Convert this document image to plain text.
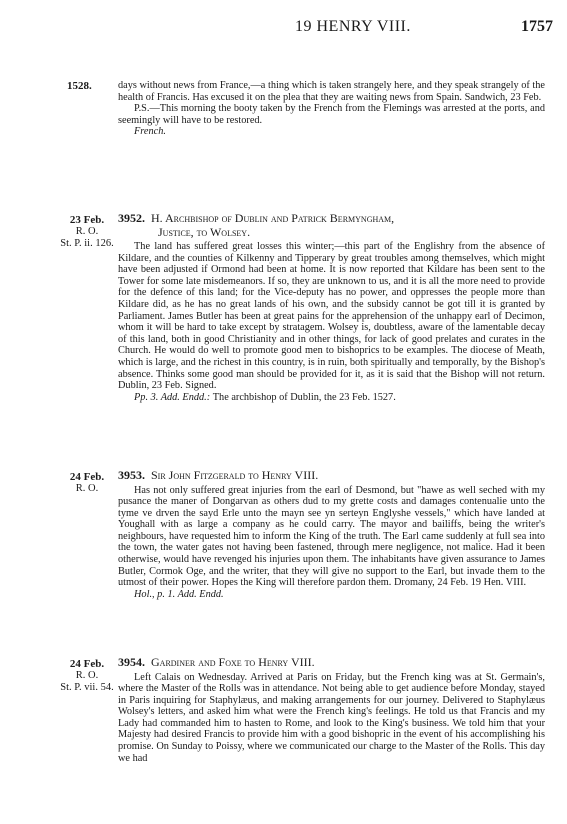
19 HENRY VIII.	1757
1528.	days without news from France,—a thing which is taken strangely here, and they speak strangely of the health of Francis. Has excused it on the plea that they are waiting news from Spain. Sandwich, 23 Feb.

P.S.—This morning the booty taken by the French from the Flemings was arrested at the ports, and seemingly will have to be restored.

French.
23 Feb.
R. O.
St. P. ii. 126.
3952. H. Archbishop of Dublin and Patrick Bermyngham,
Justice, to Wolsey.

The land has suffered great losses this winter;—this part of the Englishry from the absence of Kildare, and the counties of Kilkenny and Tipperary by great troubles among themselves, which might have been adjusted if Ormond had been at home. It is now reported that Kildare has been sent to the Tower for some late misdemeanors. If so, they are unknown to us, and it is all the more need to provide for the defence of this land; for the Vice-deputy has no power, and oppresses the people more than Kildare did, as he has no great lands of his own, and the subsidy cannot be got till it is granted by Parliament. James Butler has been at great pains for the apprehension of the unhappy earl of Decimon, whom it will be hard to take except by stratagem. Wolsey is, doubtless, aware of the lamentable decay of this land, both in good Christianity and in other things, for lack of good prelates and curates in the Church. He would do well to promote good men to bishoprics to be examples. The diocese of Meath, which is large, and the richest in this country, is in ruin, both spiritually and temporally, by the Bishop's absence. Thinks some good man should be provided for it, as it is said that the Bishop will not return. Dublin, 23 Feb. Signed.

Pp. 3. Add. Endd.: The archbishop of Dublin, the 23 Feb. 1527.
24 Feb.
R. O.
3953. Sir John Fitzgerald to Henry VIII.

Has not only suffered great injuries from the earl of Desmond, but "hawe as well seched with my pusance the maner of Dongarvan as others dud to my grette costs and damages contenualie unto the tyme ve drven the sayd Erle unto the mayn see yn serteyn Englyshe vessels," which have landed at Youghall with as large a company as he could carry. The mayor and bailiffs, being the writer's neighbours, have requested him to inform the King of the truth. The Earl came suddenly at full sea into the town, the water gates not having been fastened, through mere negligence, not malice. Had it been otherwise, would have revenged his injuries upon them. The inhabitants have given assurance to James Butler, Cormok Oge, and the writer, that they will give no support to the Earl, but invade them to the utmost of their power. Hopes the King will therefore pardon them. Dromany, 24 Feb. 19 Hen. VIII.

Hol., p. 1. Add. Endd.
24 Feb.
R. O.
St. P. vii. 54.
3954. Gardiner and Foxe to Henry VIII.

Left Calais on Wednesday. Arrived at Paris on Friday, but the French king was at St. Germain's, where the Master of the Rolls was in attendance. Not being able to get audience before Monday, stayed in Paris inquiring for Staphylæus, and making arrangements for our journey. Delivered to Staphylæus Wolsey's letters, and asked him what were the French king's feelings. He told us that Francis and my Lady had commanded him to hasten to Rome, and look to the King's business. We told him that your Majesty had desired Francis to provide him with a good bishopric in the event of his accomplishing his promise. On Sunday to Poissy, where we communicated our charge to the Master of the Rolls. This day we had
